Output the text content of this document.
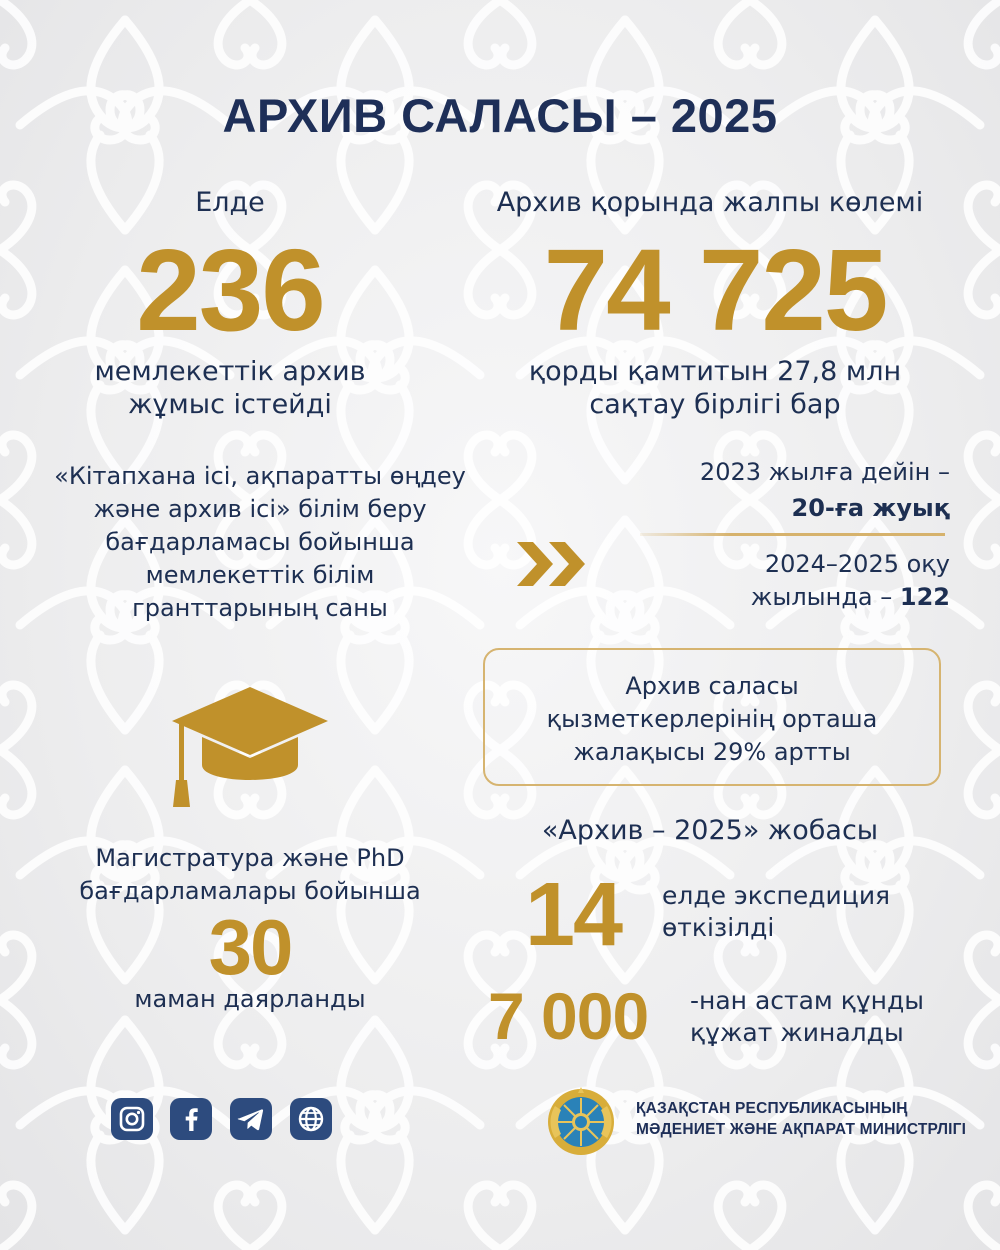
АРХИВ САЛАСЫ – 2025
Елде
236
мемлекеттік архив
жұмыс істейді
Архив қорында жалпы көлемі
74 725
қорды қамтитын 27,8 млн
сақтау бірлігі бар
«Кітапхана ісі, ақпаратты өңдеу
және архив ісі» білім беру
бағдарламасы бойынша
мемлекеттік білім
гранттарының саны
2023 жылға дейін –
20-ға жуық
2024–2025 оқу
жылында – 122
Архив саласы
қызметкерлерінің орташа
жалақысы 29% артты
Магистратура және PhD
бағдарламалары бойынша
30
маман даярланды
«Архив – 2025» жобасы
14 елде экспедиция
өткізілді
7 000 -нан астам құнды
құжат жиналды
ҚАЗАҚСТАН РЕСПУБЛИКАСЫНЫҢ
МӘДЕНИЕТ ЖӘНЕ АҚПАРАТ МИНИСТРЛІГІ
